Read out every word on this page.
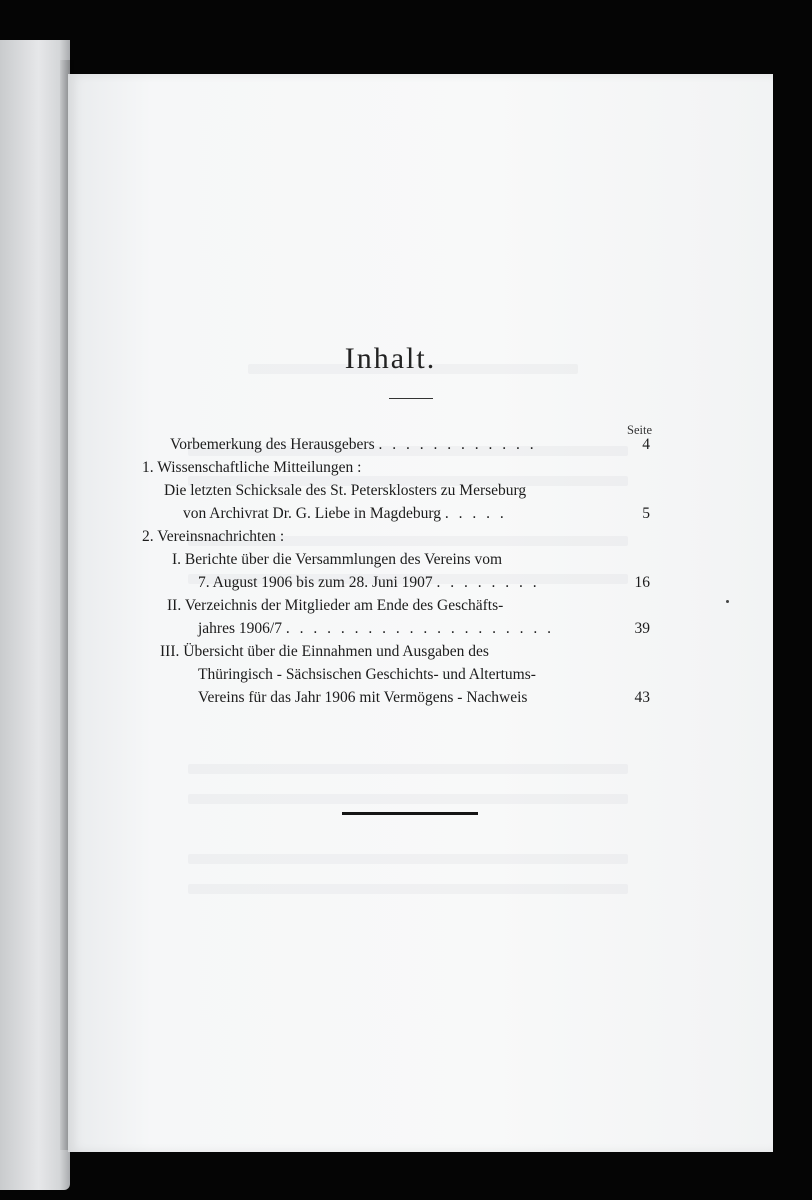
Inhalt.
Seite
Vorbemerkung des Herausgebers . . . . . . . . . . . .	4
1. Wissenschaftliche Mitteilungen :
Die letzten Schicksale des St. Petersklosters zu Merseburg
von Archivrat Dr. G. Liebe in Magdeburg . . . . .	5
2. Vereinsnachrichten :
I. Berichte über die Versammlungen des Vereins vom
7. August 1906 bis zum 28. Juni 1907 . . . . . . . .	16
II. Verzeichnis der Mitglieder am Ende des Geschäfts-
jahres 1906/7 . . . . . . . . . . . . . . . . . . . .	39
III. Übersicht über die Einnahmen und Ausgaben des
Thüringisch - Sächsischen Geschichts- und Altertums-
Vereins für das Jahr 1906 mit Vermögens - Nachweis	43
